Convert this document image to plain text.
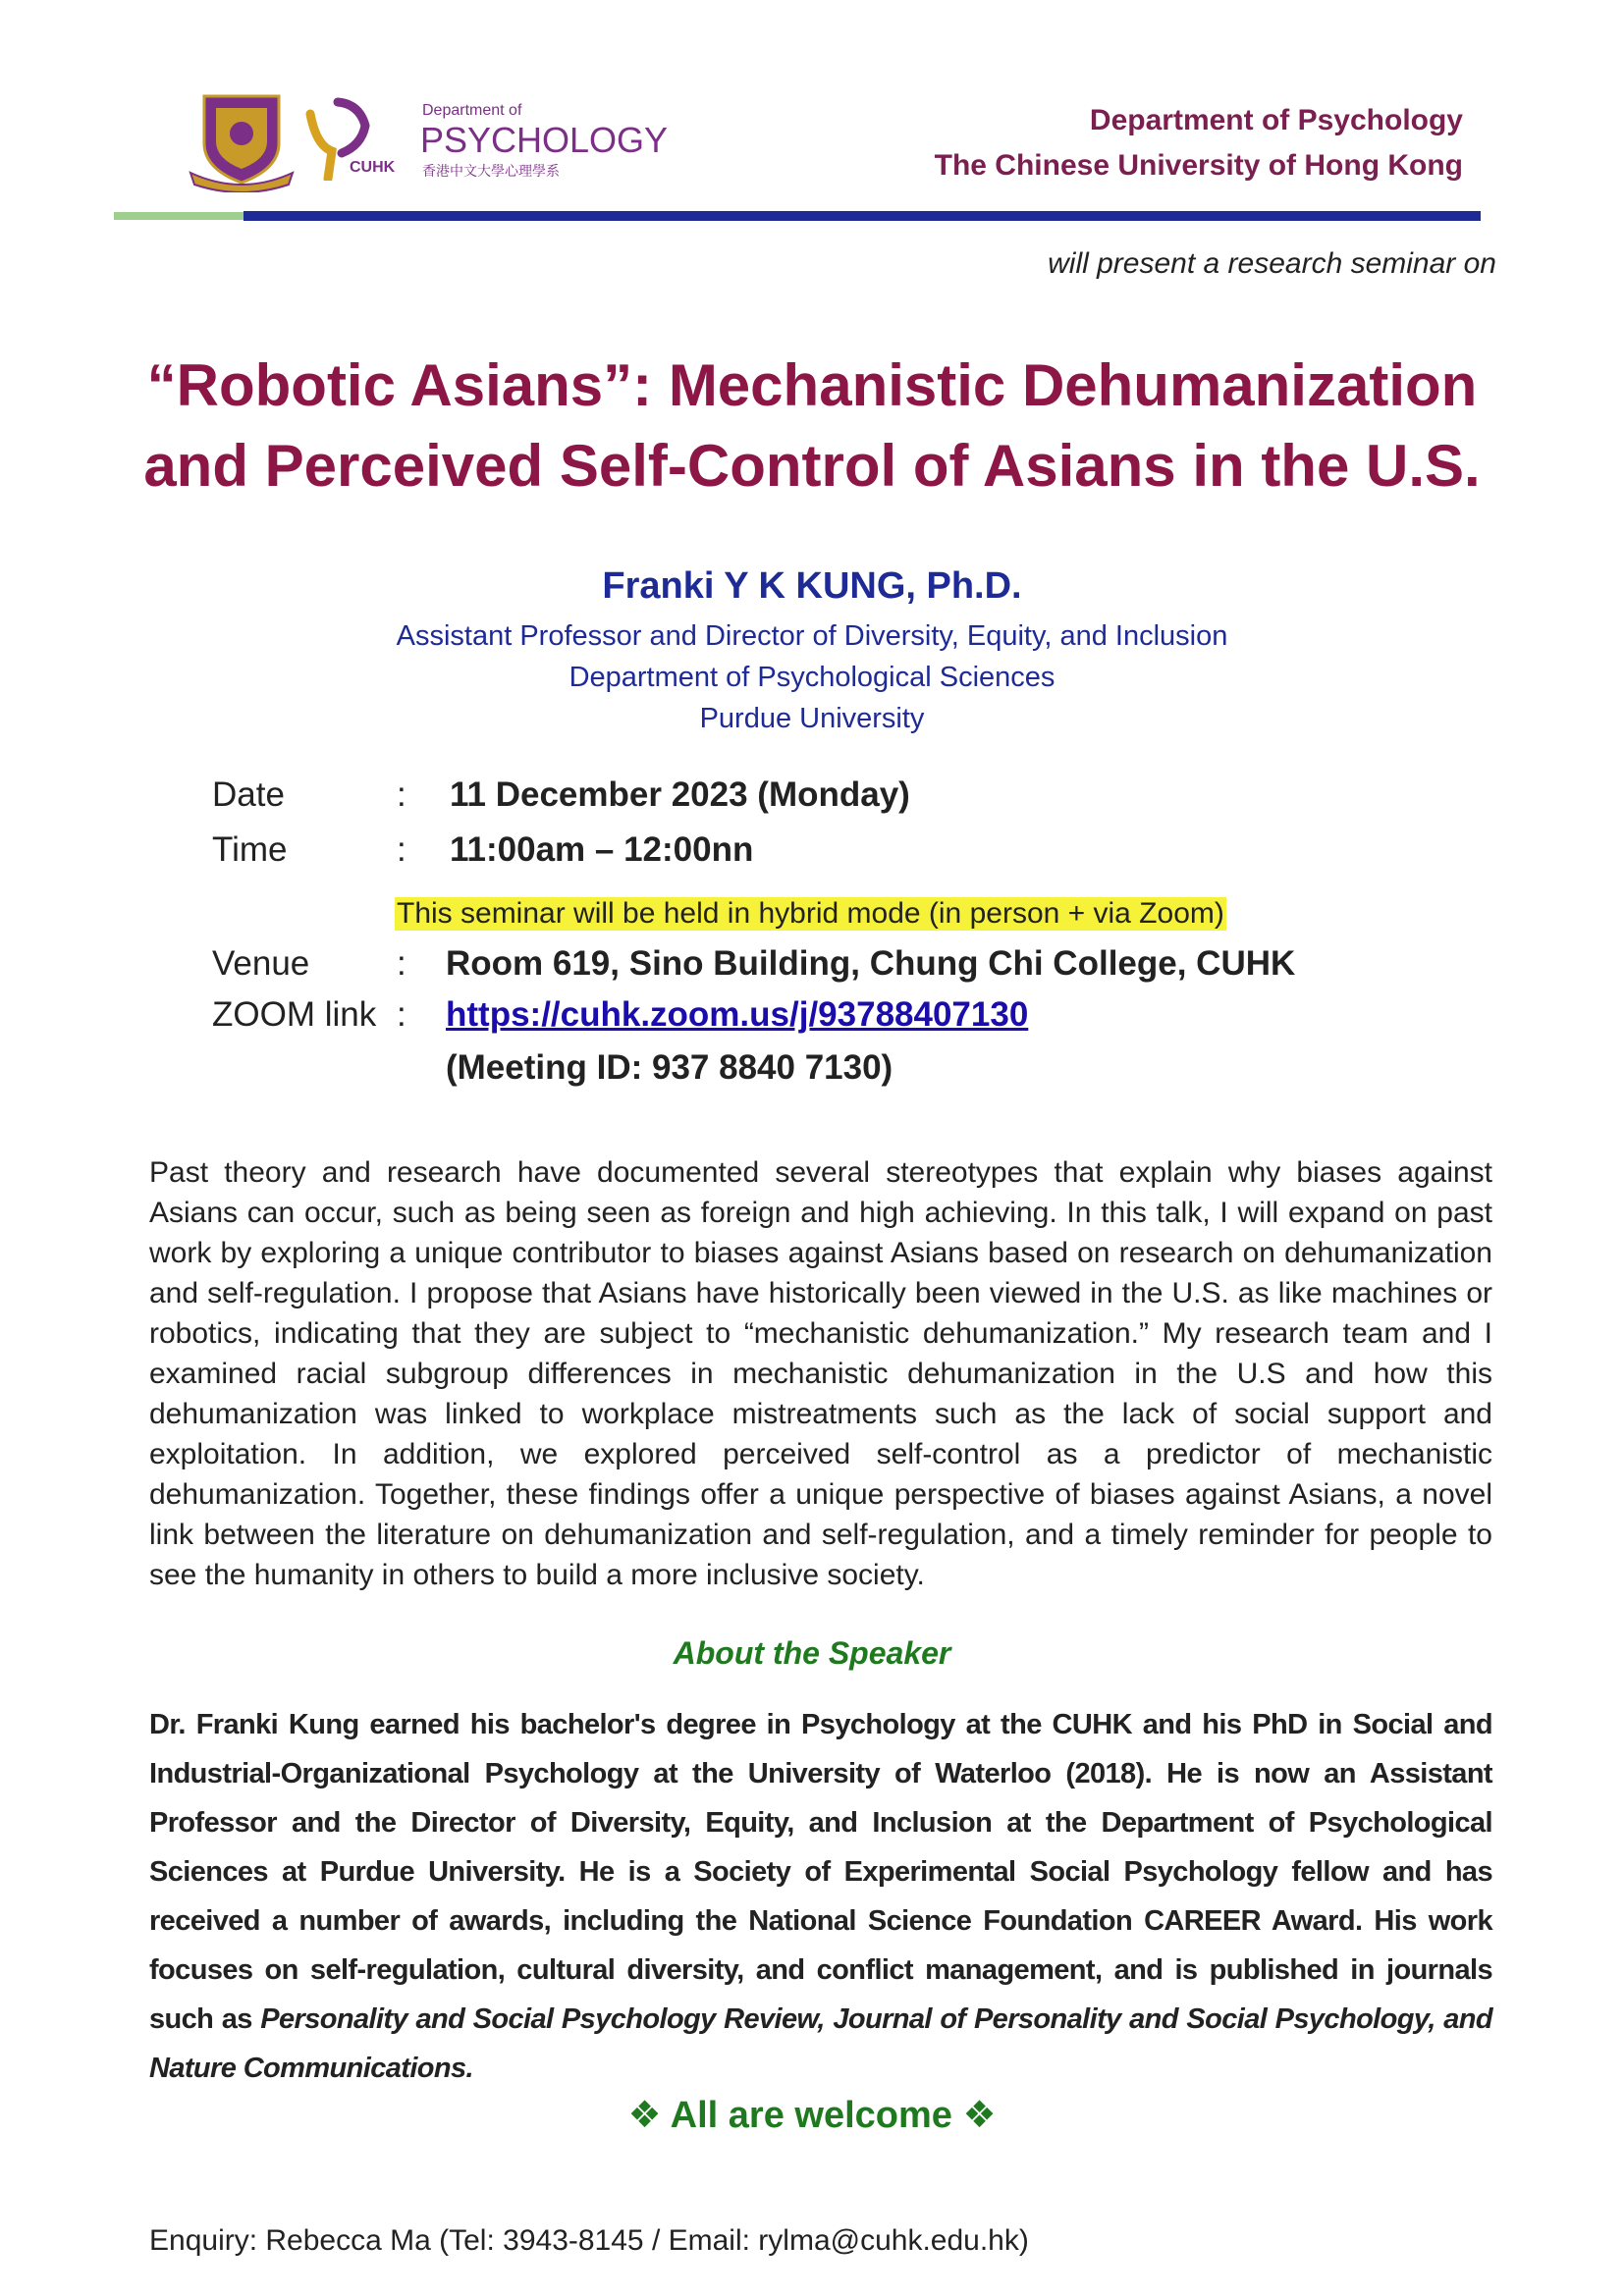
CUHK
Department of
PSYCHOLOGY
香港中文大學心理學系
Department of Psychology
The Chinese University of Hong Kong
will present a research seminar on
“Robotic Asians”: Mechanistic Dehumanization
and Perceived Self-Control of Asians in the U.S.
Franki Y K KUNG, Ph.D.
Assistant Professor and Director of Diversity, Equity, and Inclusion
Department of Psychological Sciences
Purdue University
Date	: 11 December 2023 (Monday)
Time	: 11:00am – 12:00nn
This seminar will be held in hybrid mode (in person + via Zoom)
Venue	: Room 619, Sino Building, Chung Chi College, CUHK
ZOOM link : https://cuhk.zoom.us/j/93788407130
(Meeting ID: 937 8840 7130)
Past theory and research have documented several stereotypes that explain why biases against Asians can occur, such as being seen as foreign and high achieving. In this talk, I will expand on past work by exploring a unique contributor to biases against Asians based on research on dehumanization and self-regulation. I propose that Asians have historically been viewed in the U.S. as like machines or robotics, indicating that they are subject to “mechanistic dehumanization.” My research team and I examined racial subgroup differences in mechanistic dehumanization in the U.S and how this dehumanization was linked to workplace mistreatments such as the lack of social support and exploitation. In addition, we explored perceived self-control as a predictor of mechanistic dehumanization. Together, these findings offer a unique perspective of biases against Asians, a novel link between the literature on dehumanization and self-regulation, and a timely reminder for people to see the humanity in others to build a more inclusive society.
About the Speaker
Dr. Franki Kung earned his bachelor's degree in Psychology at the CUHK and his PhD in Social and Industrial-Organizational Psychology at the University of Waterloo (2018). He is now an Assistant Professor and the Director of Diversity, Equity, and Inclusion at the Department of Psychological Sciences at Purdue University. He is a Society of Experimental Social Psychology fellow and has received a number of awards, including the National Science Foundation CAREER Award. His work focuses on self-regulation, cultural diversity, and conflict management, and is published in journals such as Personality and Social Psychology Review, Journal of Personality and Social Psychology, and Nature Communications.
❖ All are welcome ❖
Enquiry: Rebecca Ma (Tel: 3943-8145 / Email: rylma@cuhk.edu.hk)
